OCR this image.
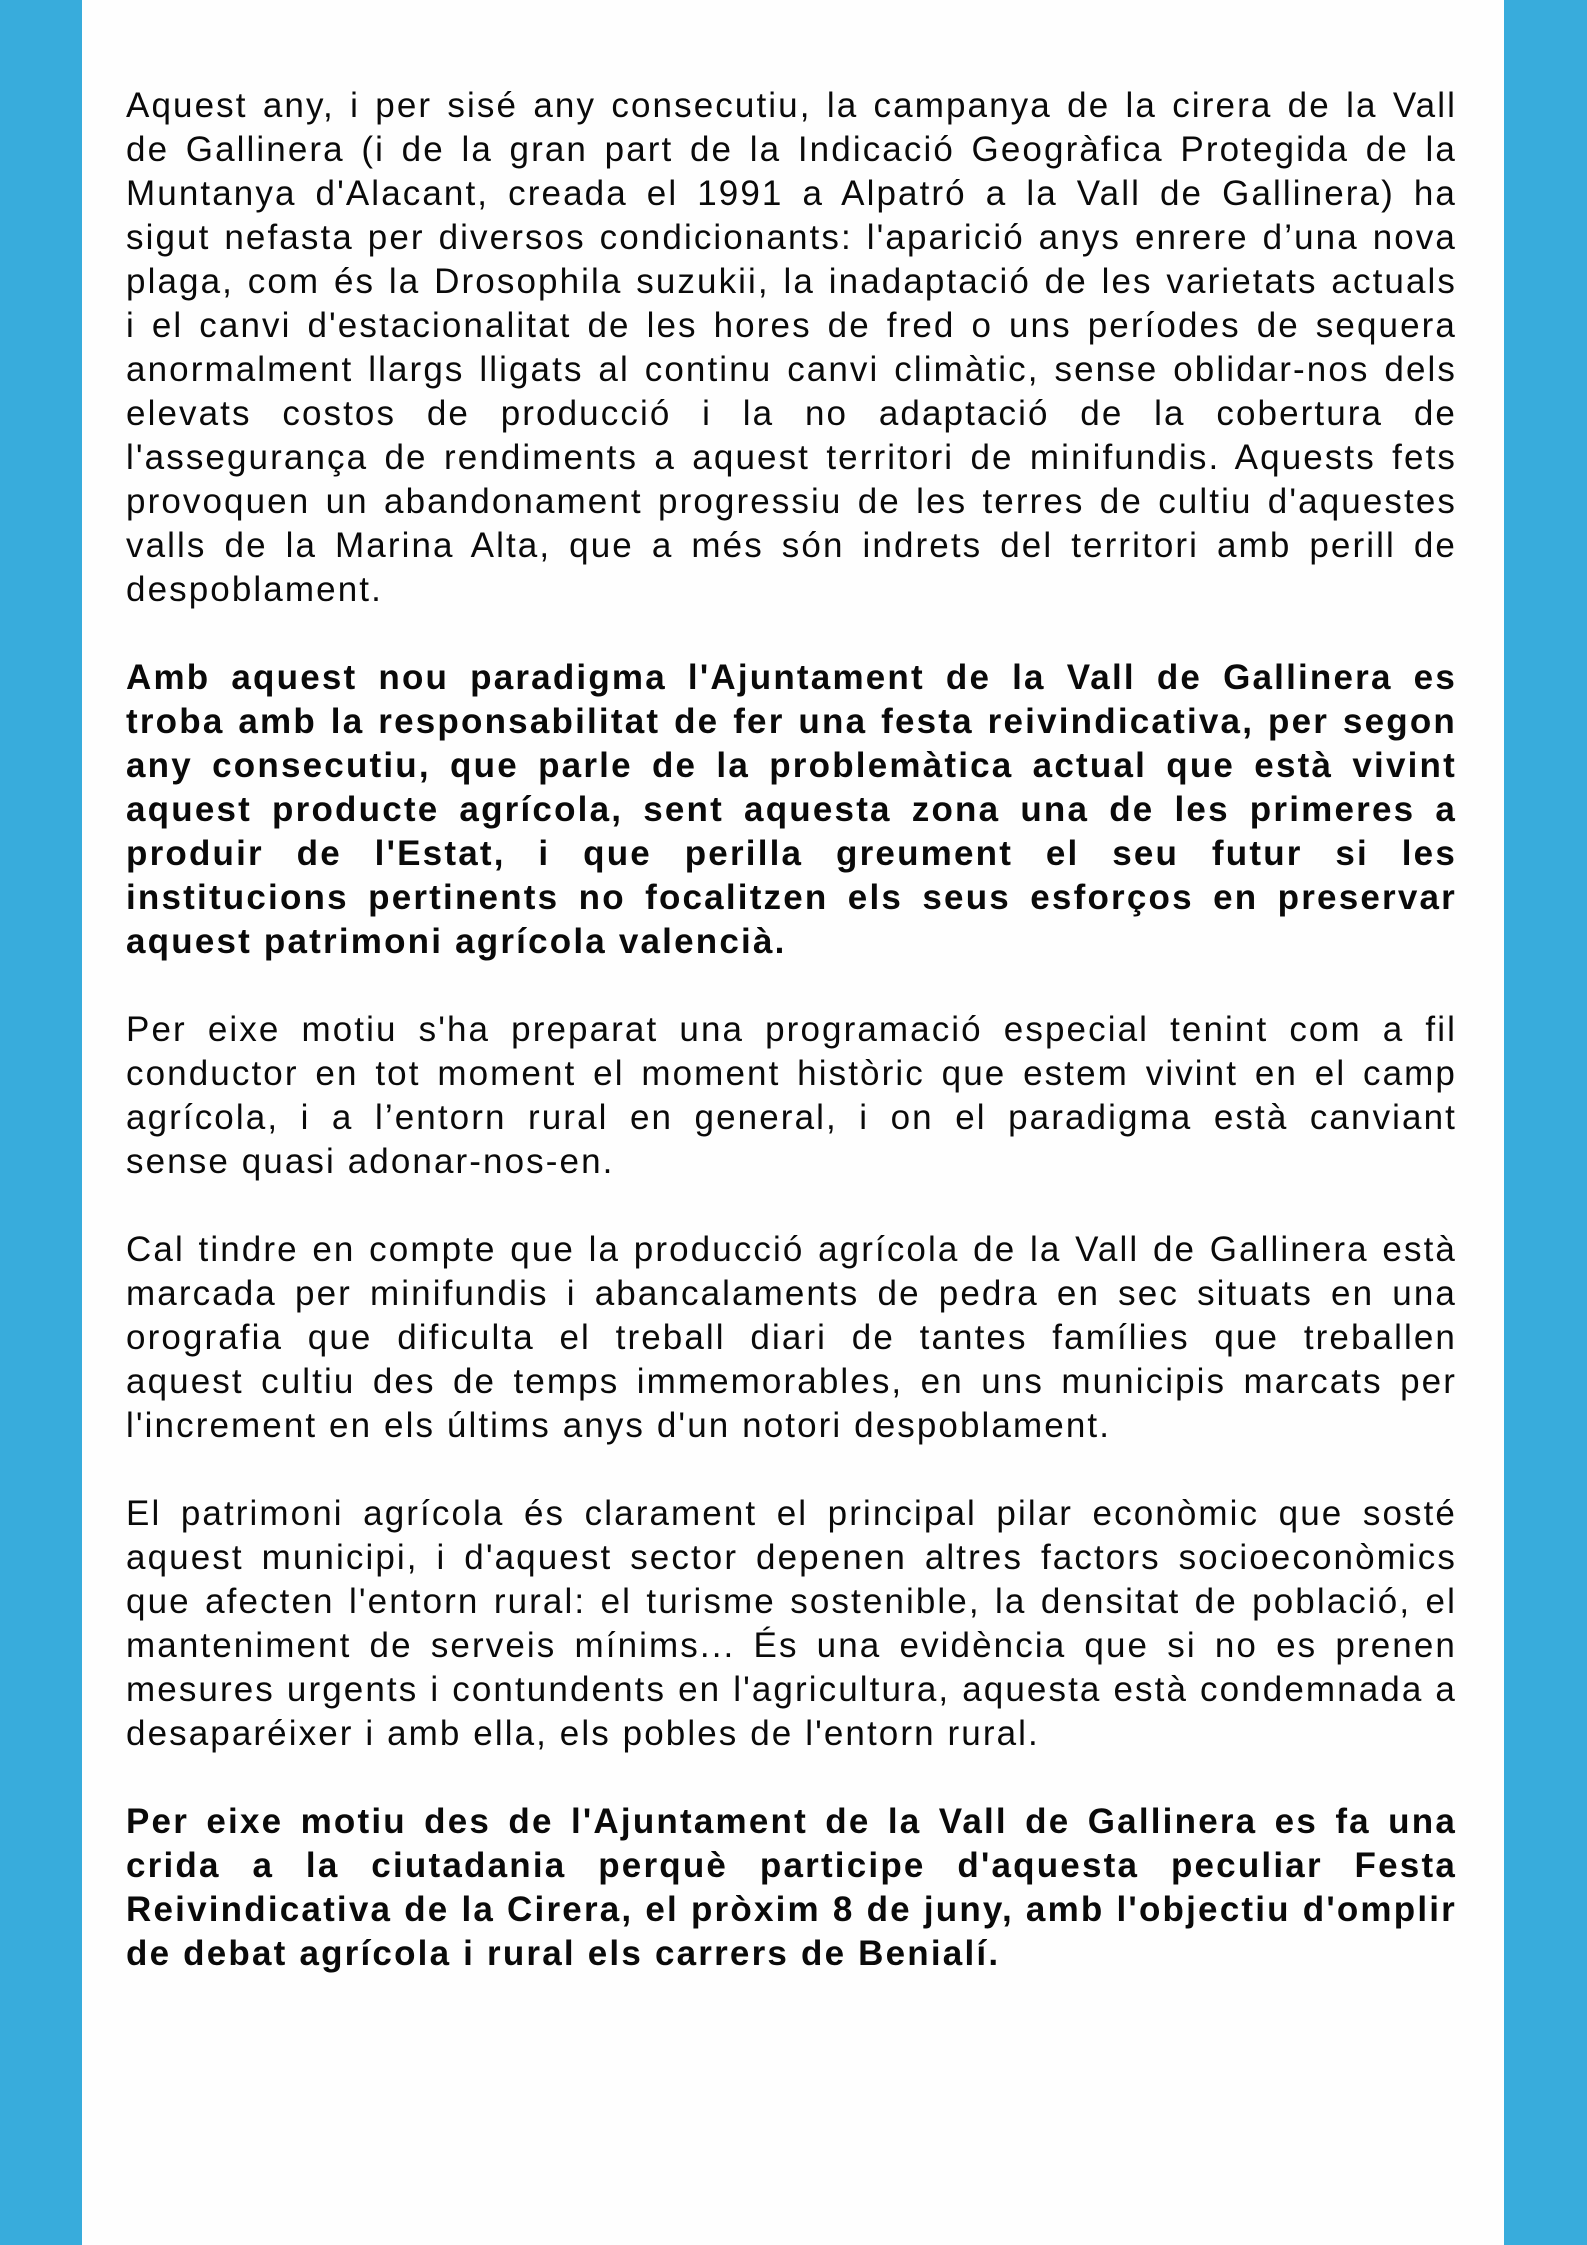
Aquest any, i per sisé any consecutiu, la campanya de la cirera de la Vall de Gallinera (i de la gran part de la Indicació Geogràfica Protegida de la Muntanya d'Alacant, creada el 1991 a Alpatró a la Vall de Gallinera) ha sigut nefasta per diversos condicionants: l'aparició anys enrere d’una nova plaga, com és la Drosophila suzukii, la inadaptació de les varietats actuals i el canvi d'estacionalitat de les hores de fred o uns períodes de sequera anormalment llargs lligats al continu canvi climàtic, sense oblidar-nos dels elevats costos de producció i la no adaptació de la cobertura de l'assegurança de rendiments a aquest territori de minifundis. Aquests fets provoquen un abandonament progressiu de les terres de cultiu d'aquestes valls de la Marina Alta, que a més són indrets del territori amb perill de despoblament.

Amb aquest nou paradigma l'Ajuntament de la Vall de Gallinera es troba amb la responsabilitat de fer una festa reivindicativa, per segon any consecutiu, que parle de la problemàtica actual que està vivint aquest producte agrícola, sent aquesta zona una de les primeres a produir de l'Estat, i que perilla greument el seu futur si les institucions pertinents no focalitzen els seus esforços en preservar aquest patrimoni agrícola valencià.

Per eixe motiu s'ha preparat una programació especial tenint com a fil conductor en tot moment el moment històric que estem vivint en el camp agrícola, i a l’entorn rural en general, i on el paradigma està canviant sense quasi adonar-nos-en.

Cal tindre en compte que la producció agrícola de la Vall de Gallinera està marcada per minifundis i abancalaments de pedra en sec situats en una orografia que dificulta el treball diari de tantes famílies que treballen aquest cultiu des de temps immemorables, en uns municipis marcats per l'increment en els últims anys d'un notori despoblament.

El patrimoni agrícola és clarament el principal pilar econòmic que sosté aquest municipi, i d'aquest sector depenen altres factors socioeconòmics que afecten l'entorn rural: el turisme sostenible, la densitat de població, el manteniment de serveis mínims... És una evidència que si no es prenen mesures urgents i contundents en l'agricultura, aquesta està condemnada a desaparéixer i amb ella, els pobles de l'entorn rural.

Per eixe motiu des de l'Ajuntament de la Vall de Gallinera es fa una crida a la ciutadania perquè participe d'aquesta peculiar Festa Reivindicativa de la Cirera, el pròxim 8 de juny, amb l'objectiu d'omplir de debat agrícola i rural els carrers de Benialí.
